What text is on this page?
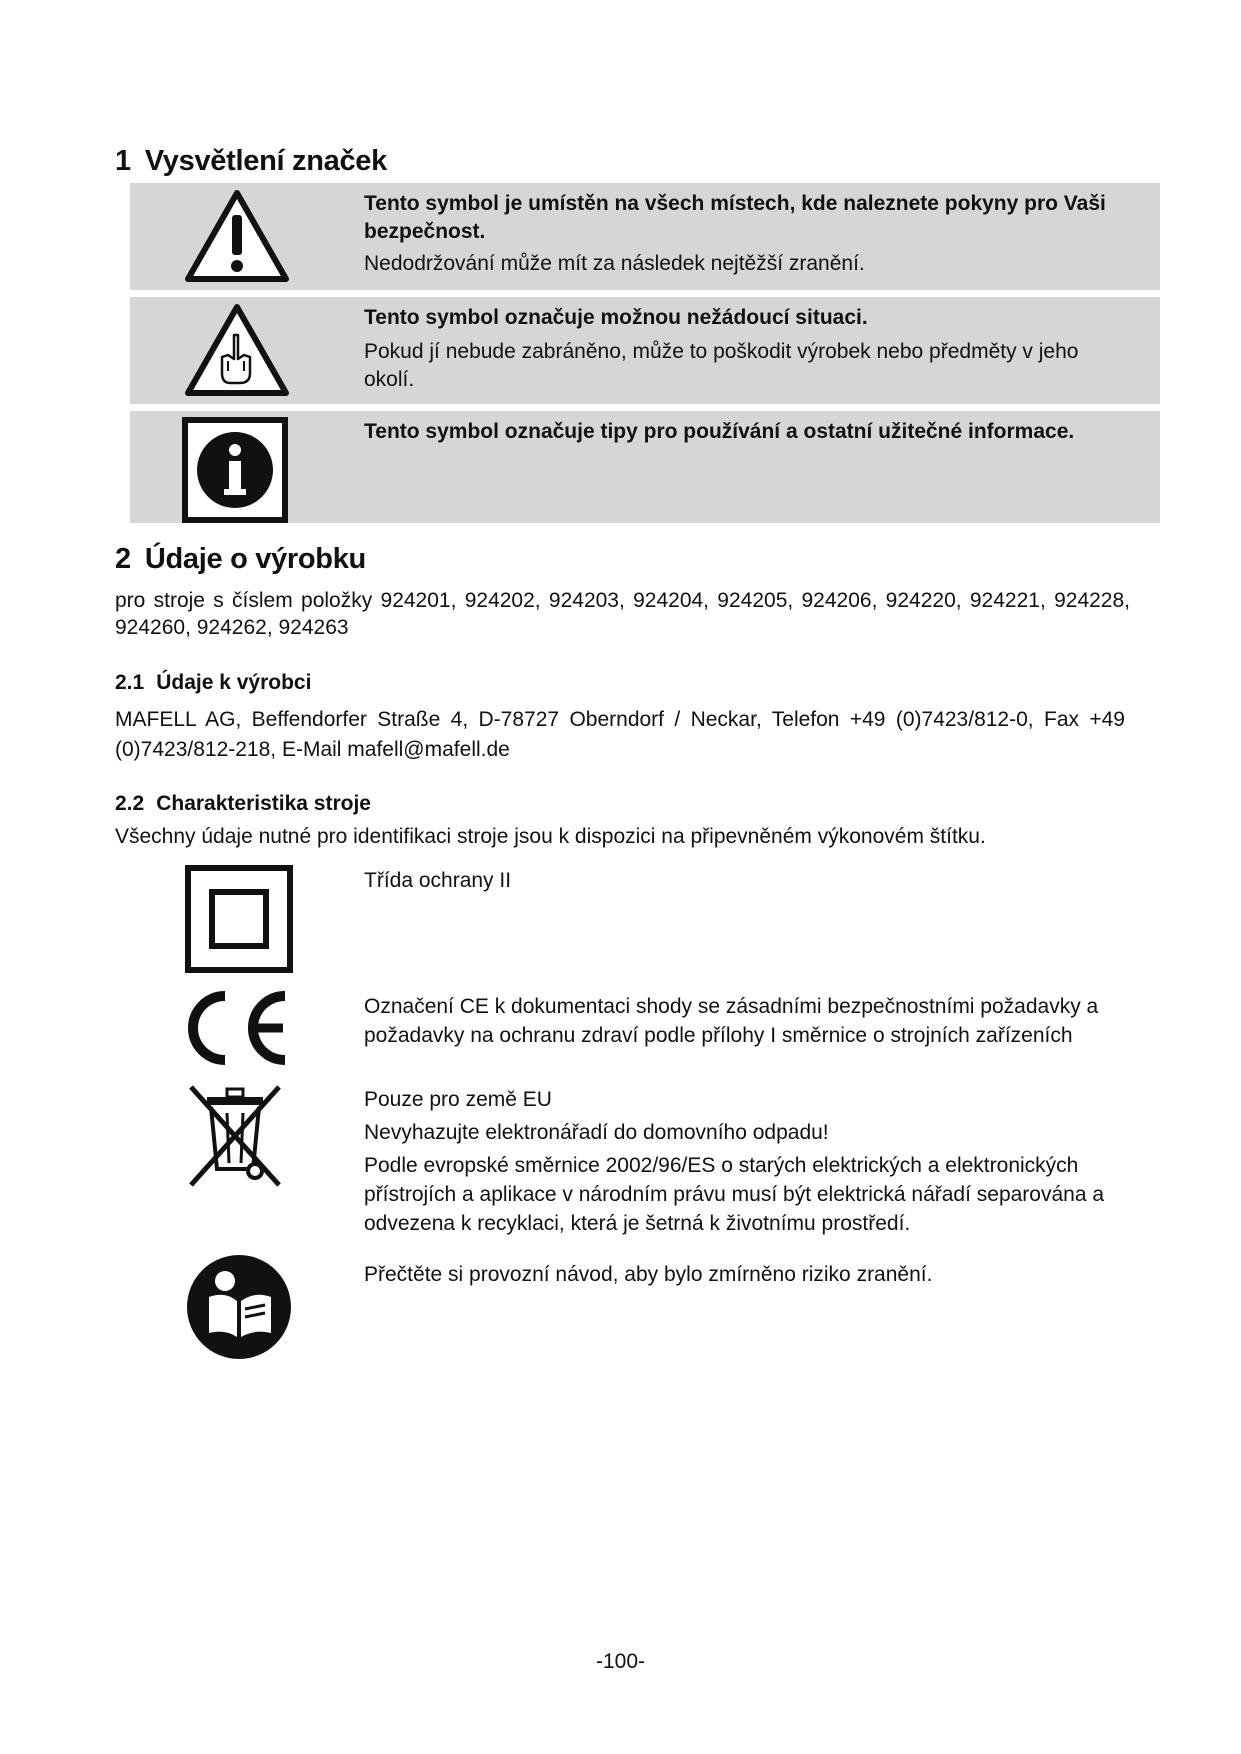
1 Vysvětlení značek
Tento symbol je umístěn na všech místech, kde naleznete pokyny pro Vaši bezpečnost.
Nedodržování může mít za následek nejtěžší zranění.
Tento symbol označuje možnou nežádoucí situaci.
Pokud jí nebude zabráněno, může to poškodit výrobek nebo předměty v jeho okolí.
Tento symbol označuje tipy pro používání a ostatní užitečné informace.
2 Údaje o výrobku
pro stroje s číslem položky 924201, 924202, 924203, 924204, 924205, 924206, 924220, 924221, 924228,
924260, 924262, 924263
2.1 Údaje k výrobci
MAFELL AG, Beffendorfer Straße 4, D-78727 Oberndorf / Neckar, Telefon +49 (0)7423/812-0, Fax +49
(0)7423/812-218, E-Mail mafell@mafell.de
2.2 Charakteristika stroje
Všechny údaje nutné pro identifikaci stroje jsou k dispozici na připevněném výkonovém štítku.

Třída ochrany II

Označení CE k dokumentaci shody se zásadními bezpečnostními požadavky a požadavky na ochranu zdraví podle přílohy I směrnice o strojních zařízeních

Pouze pro země EU

Nevyhazujte elektronářadí do domovního odpadu!

Podle evropské směrnice 2002/96/ES o starých elektrických a elektronických přístrojích a aplikace v národním právu musí být elektrická nářadí separována a odvezena k recyklaci, která je šetrná k životnímu prostředí.

Přečtěte si provozní návod, aby bylo zmírněno riziko zranění.

-100-
